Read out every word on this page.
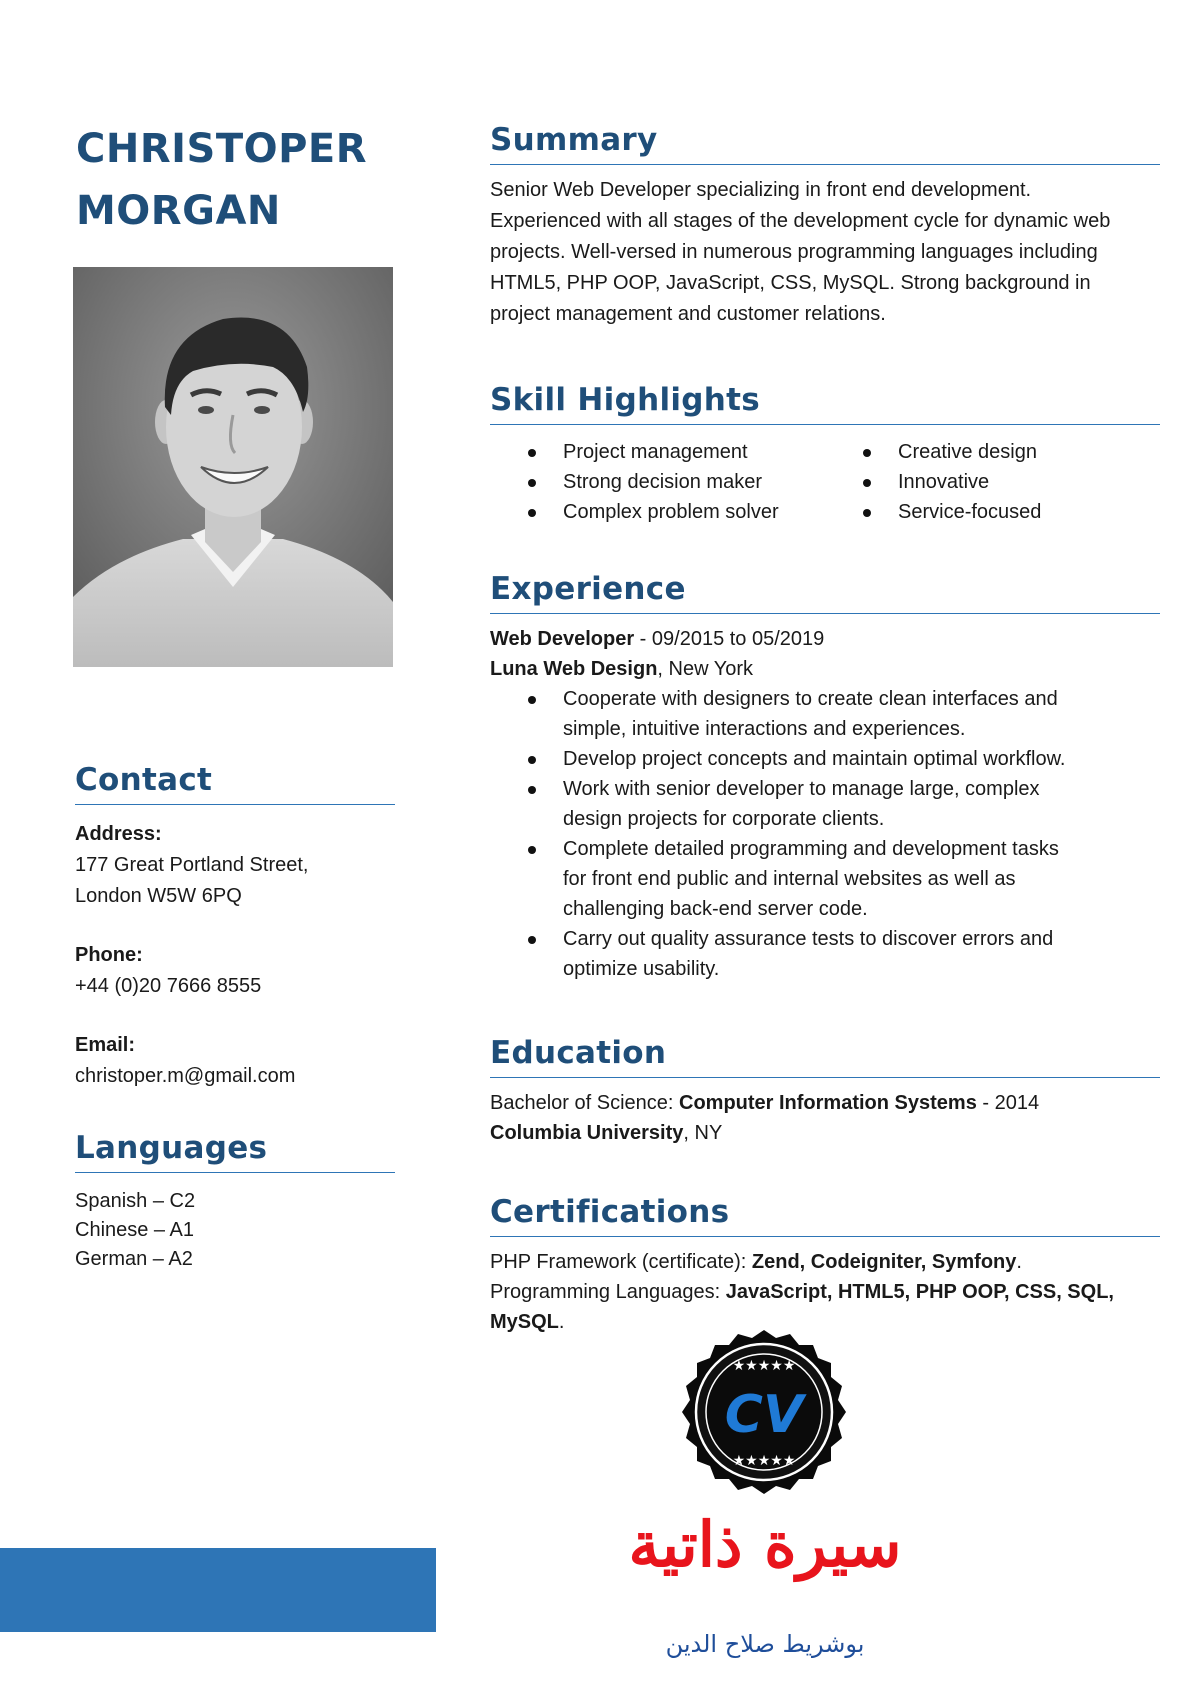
CHRISTOPER
MORGAN
Contact
Address:
177 Great Portland Street,
London W5W 6PQ
Phone:
+44 (0)20 7666 8555
Email:
christoper.m@gmail.com
Languages
Spanish – C2
Chinese – A1
German – A2
Summary

Senior Web Developer specializing in front end development. Experienced with all stages of the development cycle for dynamic web projects. Well-versed in numerous programming languages including HTML5, PHP OOP, JavaScript, CSS, MySQL. Strong background in project management and customer relations.

Skill Highlights
Project management
Strong decision maker
Complex problem solver
Creative design
Innovative
Service-focused
Experience
Web Developer - 09/2015 to 05/2019
Luna Web Design, New York
Cooperate with designers to create clean interfaces and simple, intuitive interactions and experiences.
Develop project concepts and maintain optimal workflow.
Work with senior developer to manage large, complex design projects for corporate clients.
Complete detailed programming and development tasks for front end public and internal websites as well as challenging back-end server code.
Carry out quality assurance tests to discover errors and optimize usability.
Education
Bachelor of Science: Computer Information Systems - 2014
Columbia University, NY
Certifications
PHP Framework (certificate): Zend, Codeigniter, Symfony.
Programming Languages: JavaScript, HTML5, PHP OOP, CSS, SQL, MySQL.
★★★★★
★★★★★
CV
سيرة ذاتية
بوشريط صلاح الدين
